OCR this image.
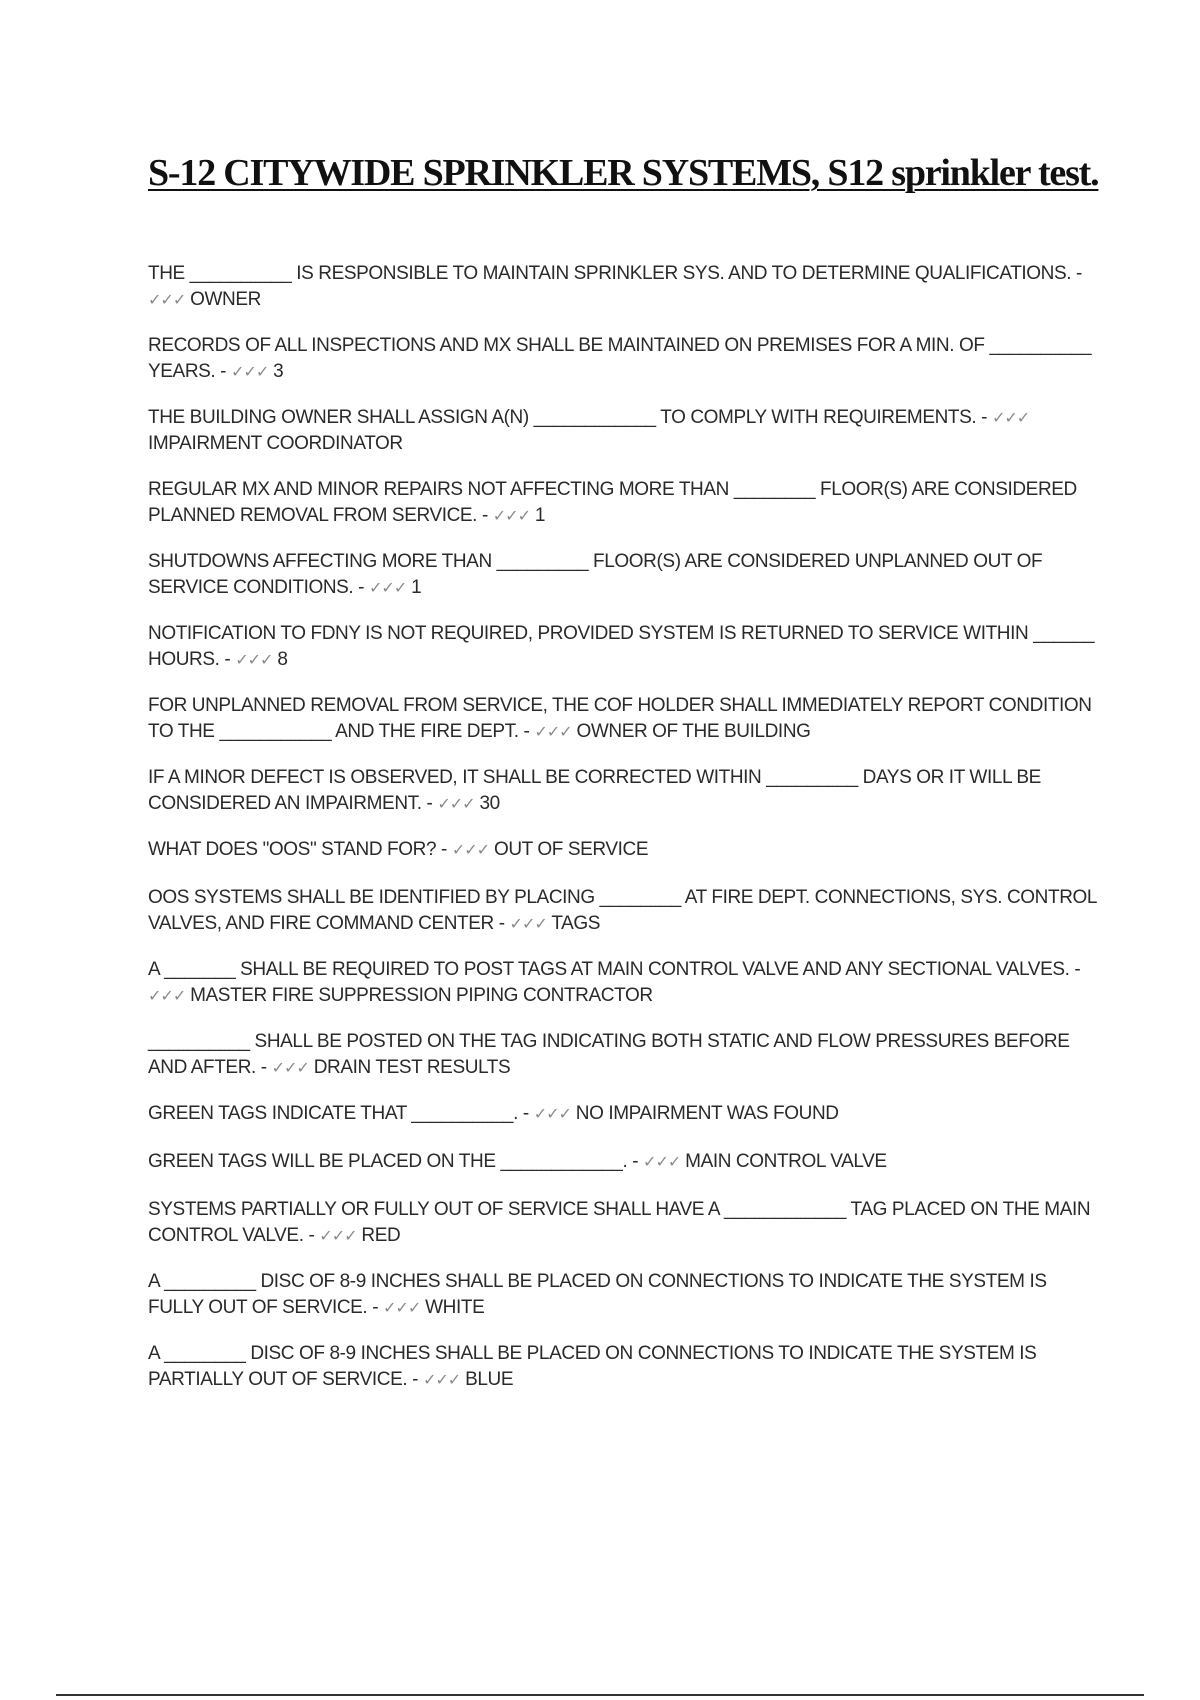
S-12 CITYWIDE SPRINKLER SYSTEMS, S12 sprinkler test.
THE __________ IS RESPONSIBLE TO MAINTAIN SPRINKLER SYS. AND TO DETERMINE QUALIFICATIONS. - ✓✓✓ OWNER
RECORDS OF ALL INSPECTIONS AND MX SHALL BE MAINTAINED ON PREMISES FOR A MIN. OF __________ YEARS. - ✓✓✓ 3
THE BUILDING OWNER SHALL ASSIGN A(N) ____________ TO COMPLY WITH REQUIREMENTS. - ✓✓✓ IMPAIRMENT COORDINATOR
REGULAR MX AND MINOR REPAIRS NOT AFFECTING MORE THAN ________ FLOOR(S) ARE CONSIDERED PLANNED REMOVAL FROM SERVICE. - ✓✓✓ 1
SHUTDOWNS AFFECTING MORE THAN _________ FLOOR(S) ARE CONSIDERED UNPLANNED OUT OF SERVICE CONDITIONS. - ✓✓✓ 1
NOTIFICATION TO FDNY IS NOT REQUIRED, PROVIDED SYSTEM IS RETURNED TO SERVICE WITHIN ______ HOURS. - ✓✓✓ 8
FOR UNPLANNED REMOVAL FROM SERVICE, THE COF HOLDER SHALL IMMEDIATELY REPORT CONDITION TO THE ___________ AND THE FIRE DEPT. - ✓✓✓ OWNER OF THE BUILDING
IF A MINOR DEFECT IS OBSERVED, IT SHALL BE CORRECTED WITHIN _________ DAYS OR IT WILL BE CONSIDERED AN IMPAIRMENT. - ✓✓✓ 30
WHAT DOES "OOS" STAND FOR? - ✓✓✓ OUT OF SERVICE
OOS SYSTEMS SHALL BE IDENTIFIED BY PLACING ________ AT FIRE DEPT. CONNECTIONS, SYS. CONTROL VALVES, AND FIRE COMMAND CENTER - ✓✓✓ TAGS
A _______ SHALL BE REQUIRED TO POST TAGS AT MAIN CONTROL VALVE AND ANY SECTIONAL VALVES. - ✓✓✓ MASTER FIRE SUPPRESSION PIPING CONTRACTOR
__________ SHALL BE POSTED ON THE TAG INDICATING BOTH STATIC AND FLOW PRESSURES BEFORE AND AFTER. - ✓✓✓ DRAIN TEST RESULTS
GREEN TAGS INDICATE THAT __________. - ✓✓✓ NO IMPAIRMENT WAS FOUND
GREEN TAGS WILL BE PLACED ON THE ____________. - ✓✓✓ MAIN CONTROL VALVE
SYSTEMS PARTIALLY OR FULLY OUT OF SERVICE SHALL HAVE A ____________ TAG PLACED ON THE MAIN CONTROL VALVE. - ✓✓✓ RED
A _________ DISC OF 8-9 INCHES SHALL BE PLACED ON CONNECTIONS TO INDICATE THE SYSTEM IS FULLY OUT OF SERVICE. - ✓✓✓ WHITE
A ________ DISC OF 8-9 INCHES SHALL BE PLACED ON CONNECTIONS TO INDICATE THE SYSTEM IS PARTIALLY OUT OF SERVICE. - ✓✓✓ BLUE
